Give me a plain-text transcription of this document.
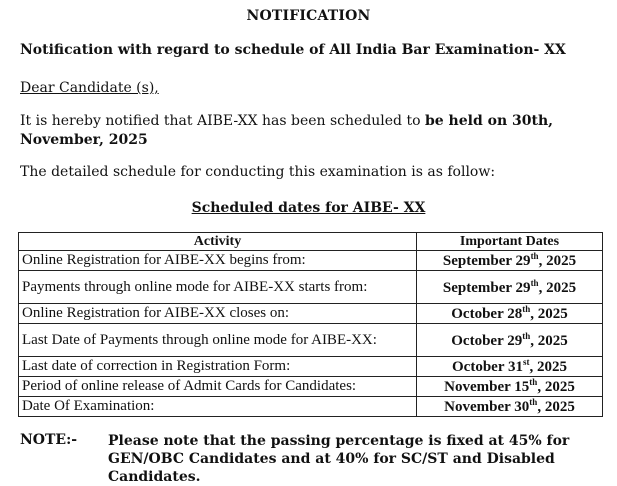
NOTIFICATION
Notification with regard to schedule of All India Bar Examination- XX
Dear Candidate (s),
It is hereby notified that AIBE-XX has been scheduled to be held on 30th, November, 2025
The detailed schedule for conducting this examination is as follow:
Scheduled dates for AIBE- XX
Activity	Important Dates
Online Registration for AIBE-XX begins from:	September 29th, 2025
Payments through online mode for AIBE-XX starts from:	September 29th, 2025
Online Registration for AIBE-XX closes on:	October 28th, 2025
Last Date of Payments through online mode for AIBE-XX:	October 29th, 2025
Last date of correction in Registration Form:	October 31st, 2025
Period of online release of Admit Cards for Candidates:	November 15th, 2025
Date Of Examination:	November 30th, 2025
NOTE:- Please note that the passing percentage is fixed at 45% for GEN/OBC Candidates and at 40% for SC/ST and Disabled Candidates.
